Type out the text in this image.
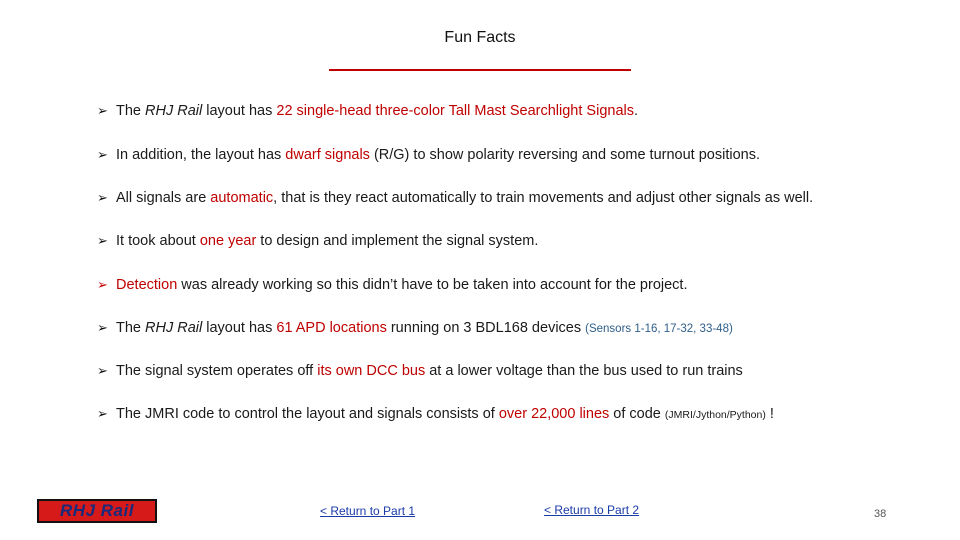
Fun Facts
➢ The RHJ Rail layout has 22 single-head three-color Tall Mast Searchlight Signals.
➢ In addition, the layout has dwarf signals (R/G) to show polarity reversing and some turnout positions.
➢ All signals are automatic, that is they react automatically to train movements and adjust other signals as well.
➢ It took about one year to design and implement the signal system.
➢ Detection was already working so this didn’t have to be taken into account for the project.
➢ The RHJ Rail layout has 61 APD locations running on 3 BDL168 devices (Sensors 1-16, 17-32, 33-48)
➢ The signal system operates off its own DCC bus at a lower voltage than the bus used to run trains
➢ The JMRI code to control the layout and signals consists of over 22,000 lines of code (JMRI/Jython/Python) !
RHJ Rail	< Return to Part 1	< Return to Part 2	38
